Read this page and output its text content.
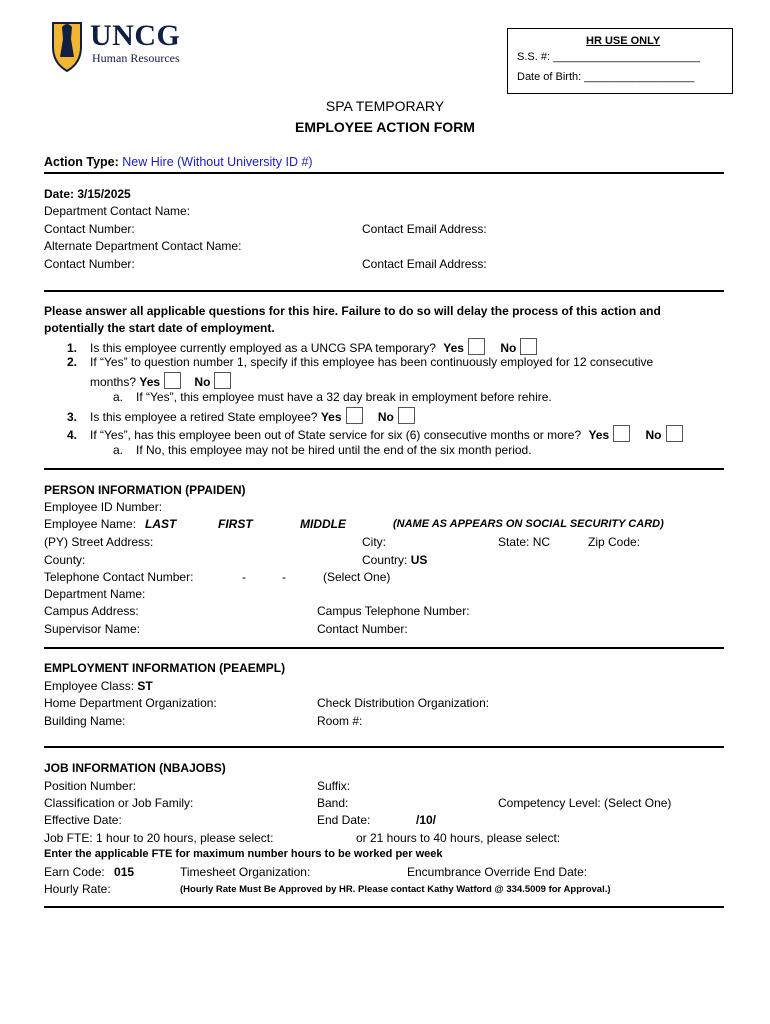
UNCG
Human Resources
HR USE ONLY
S.S. #: ________________________
Date of Birth: __________________
SPA TEMPORARY
EMPLOYEE ACTION FORM
Action Type: New Hire (Without University ID #)
Date: 3/15/2025
Department Contact Name:
Contact Number:	Contact Email Address:
Alternate Department Contact Name:
Contact Number:	Contact Email Address:
Please answer all applicable questions for this hire. Failure to do so will delay the process of this action and
potentially the start date of employment.
1. Is this employee currently employed as a UNCG SPA temporary? Yes	No
2. If “Yes” to question number 1, specify if this employee has been continuously employed for 12 consecutive
months? Yes	No
a. If “Yes”, this employee must have a 32 day break in employment before rehire.
3. Is this employee a retired State employee? Yes	No
4. If “Yes”, has this employee been out of State service for six (6) consecutive months or more? Yes	No
a. If No, this employee may not be hired until the end of the six month period.
PERSON INFORMATION (PPAIDEN)
Employee ID Number:
Employee Name: LAST	FIRST	MIDDLE	(NAME AS APPEARS ON SOCIAL SECURITY CARD)
(PY) Street Address:	City:	State: NC	Zip Code:
County:	Country: US
Telephone Contact Number:	-	-	(Select One)
Department Name:
Campus Address:	Campus Telephone Number:
Supervisor Name:	Contact Number:
EMPLOYMENT INFORMATION (PEAEMPL)
Employee Class: ST
Home Department Organization:	Check Distribution Organization:
Building Name:	Room #:
JOB INFORMATION (NBAJOBS)
Position Number:	Suffix:
Classification or Job Family:	Band:	Competency Level: (Select One)
Effective Date:	End Date:	/10/
Job FTE: 1 hour to 20 hours, please select:	or 21 hours to 40 hours, please select:
Enter the applicable FTE for maximum number hours to be worked per week
Earn Code: 015	Timesheet Organization:	Encumbrance Override End Date:
Hourly Rate:	(Hourly Rate Must Be Approved by HR. Please contact Kathy Watford @ 334.5009 for Approval.)
